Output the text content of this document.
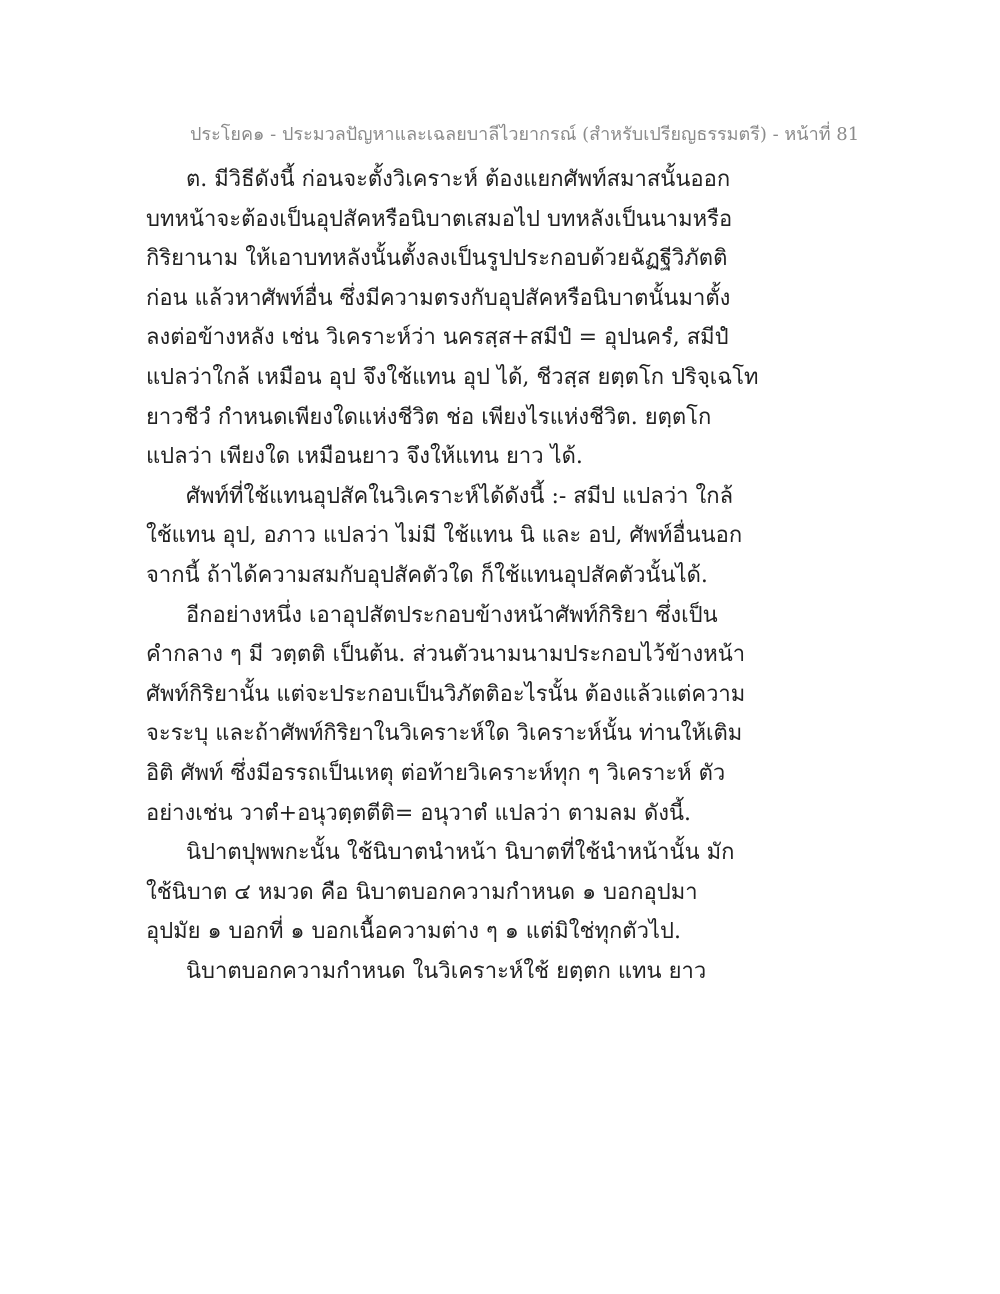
ประโยค๑ - ประมวลปัญหาและเฉลยบาลีไวยากรณ์ (สำหรับเปรียญธรรมตรี) - หน้าที่ 81
ต. มีวิธีดังนี้ ก่อนจะตั้งวิเคราะห์ ต้องแยกศัพท์สมาสนั้นออก
บทหน้าจะต้องเป็นอุปสัคหรือนิบาตเสมอไป บทหลังเป็นนามหรือ
กิริยานาม ให้เอาบทหลังนั้นตั้งลงเป็นรูปประกอบด้วยฉัฏฐีวิภัตติ
ก่อน แล้วหาศัพท์อื่น ซึ่งมีความตรงกับอุปสัคหรือนิบาตนั้นมาตั้ง
ลงต่อข้างหลัง เช่น วิเคราะห์ว่า นครสฺส+สมีปํ = อุปนครํ, สมีปํ
แปลว่าใกล้ เหมือน อุป จึงใช้แทน อุป ได้, ชีวสฺส ยตฺตโก ปริจฺเฉโท
ยาวชีวํ กำหนดเพียงใดแห่งชีวิต ช่อ เพียงไรแห่งชีวิต. ยตฺตโก
แปลว่า เพียงใด เหมือนยาว จึงให้แทน ยาว ได้.
ศัพท์ที่ใช้แทนอุปสัคในวิเคราะห์ได้ดังนี้ :- สมีป แปลว่า ใกล้
ใช้แทน อุป, อภาว แปลว่า ไม่มี ใช้แทน นิ และ อป, ศัพท์อื่นนอก
จากนี้ ถ้าได้ความสมกับอุปสัคตัวใด ก็ใช้แทนอุปสัคตัวนั้นได้.
อีกอย่างหนึ่ง เอาอุปสัตประกอบข้างหน้าศัพท์กิริยา ซึ่งเป็น
คำกลาง ๆ มี วตฺตติ เป็นต้น. ส่วนตัวนามนามประกอบไว้ข้างหน้า
ศัพท์กิริยานั้น แต่จะประกอบเป็นวิภัตติอะไรนั้น ต้องแล้วแต่ความ
จะระบุ และถ้าศัพท์กิริยาในวิเคราะห์ใด วิเคราะห์นั้น ท่านให้เติม
อิติ ศัพท์ ซึ่งมีอรรถเป็นเหตุ ต่อท้ายวิเคราะห์ทุก ๆ วิเคราะห์ ตัว
อย่างเช่น วาตํ+อนุวตฺตตีติ= อนุวาตํ แปลว่า ตามลม ดังนี้.
นิปาตปุพพกะนั้น ใช้นิบาตนำหน้า นิบาตที่ใช้นำหน้านั้น มัก
ใช้นิบาต ๔ หมวด คือ นิบาตบอกความกำหนด ๑ บอกอุปมา
อุปมัย ๑ บอกที่ ๑ บอกเนื้อความต่าง ๆ ๑ แต่มิใช่ทุกตัวไป.
นิบาตบอกความกำหนด ในวิเคราะห์ใช้ ยตฺตก แทน ยาว
